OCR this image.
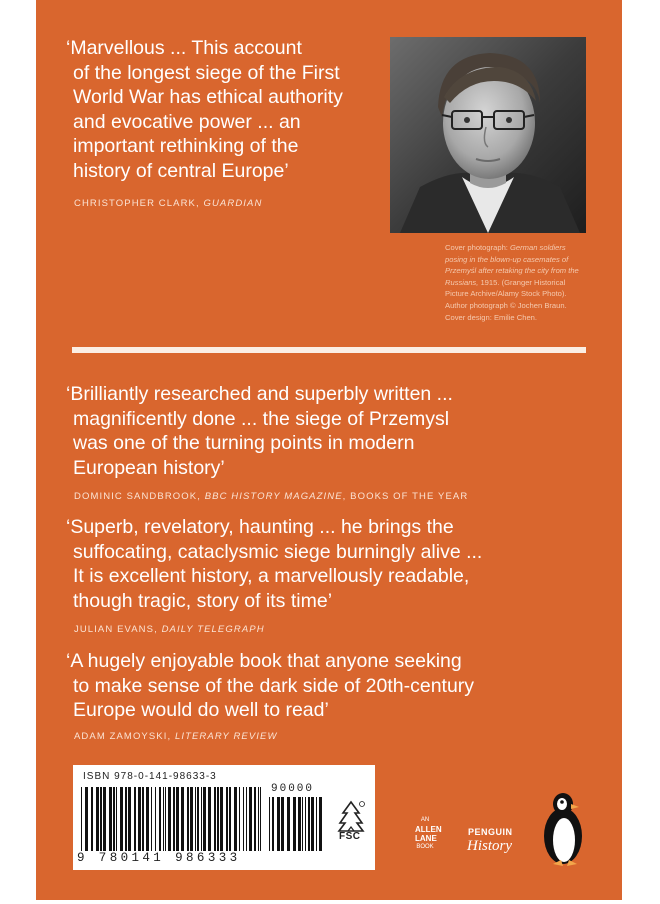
‘Marvellous ... This account
of the longest siege of the First
World War has ethical authority
and evocative power ... an
important rethinking of the
history of central Europe’
CHRISTOPHER CLARK, GUARDIAN
Cover photograph: German soldiers posing in the blown-up casemates of Przemyśl after retaking the city from the Russians, 1915. (Granger Historical Picture Archive/Alamy Stock Photo). Author photograph © Jochen Braun. Cover design: Emilie Chen.
‘Brilliantly researched and superbly written ...
magnificently done ... the siege of Przemysl
was one of the turning points in modern
European history’
DOMINIC SANDBROOK, BBC HISTORY MAGAZINE, BOOKS OF THE YEAR
‘Superb, revelatory, haunting ... he brings the
suffocating, cataclysmic siege burningly alive ...
It is excellent history, a marvellously readable,
though tragic, story of its time’
JULIAN EVANS, DAILY TELEGRAPH
‘A hugely enjoyable book that anyone seeking
to make sense of the dark side of 20th-century
Europe would do well to read’
ADAM ZAMOYSKI, LITERARY REVIEW
ISBN 978-0-141-98633-3
90000
9 780141 986333
FSC
AN
ALLEN
LANE
BOOK
PENGUIN
History
